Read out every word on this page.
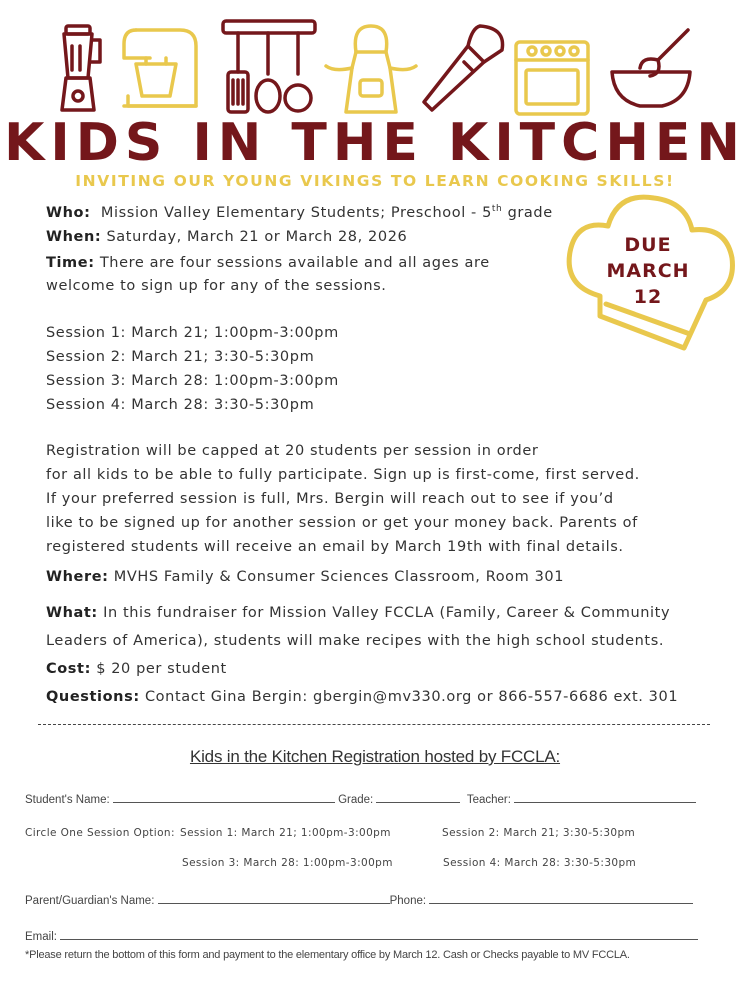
KIDS IN THE KITCHEN
INVITING OUR YOUNG VIKINGS TO LEARN COOKING SKILLS!
DUE
MARCH
12
Who: Mission Valley Elementary Students; Preschool - 5th grade
When: Saturday, March 21 or March 28, 2026
Time: There are four sessions available and all ages are
welcome to sign up for any of the sessions.
Session 1: March 21; 1:00pm-3:00pm
Session 2: March 21; 3:30-5:30pm
Session 3: March 28: 1:00pm-3:00pm
Session 4: March 28: 3:30-5:30pm
Registration will be capped at 20 students per session in order
for all kids to be able to fully participate. Sign up is first-come, first served.
If your preferred session is full, Mrs. Bergin will reach out to see if you’d
like to be signed up for another session or get your money back. Parents of
registered students will receive an email by March 19th with final details.
Where: MVHS Family & Consumer Sciences Classroom, Room 301
What: In this fundraiser for Mission Valley FCCLA (Family, Career & Community
Leaders of America), students will make recipes with the high school students.
Cost: $ 20 per student
Questions: Contact Gina Bergin: gbergin@mv330.org or 866-557-6686 ext. 301
Kids in the Kitchen Registration hosted by FCCLA:
Student's Name:	Grade:	Teacher:
Circle One Session Option: Session 1: March 21; 1:00pm-3:00pm	Session 2: March 21; 3:30-5:30pm
Session 3: March 28: 1:00pm-3:00pm	Session 4: March 28: 3:30-5:30pm
Parent/Guardian's Name:	Phone:
Email:
*Please return the bottom of this form and payment to the elementary office by March 12. Cash or Checks payable to MV FCCLA.
